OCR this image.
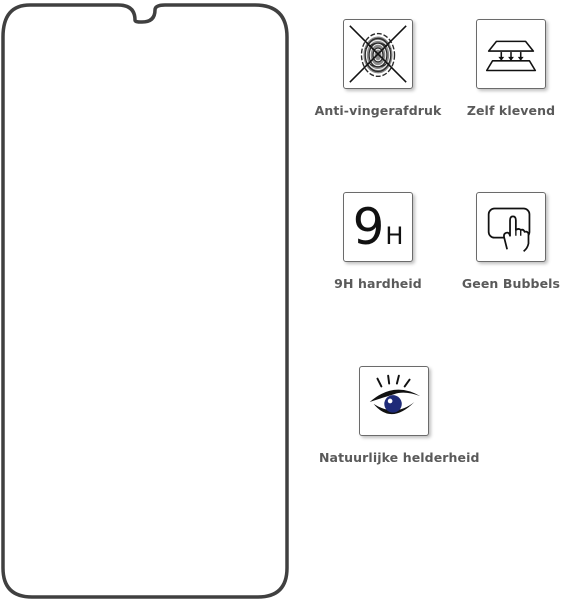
Anti-vingerafdruk	Zelf klevend
9 H
9H hardheid	Geen Bubbels
Natuurlijke helderheid
